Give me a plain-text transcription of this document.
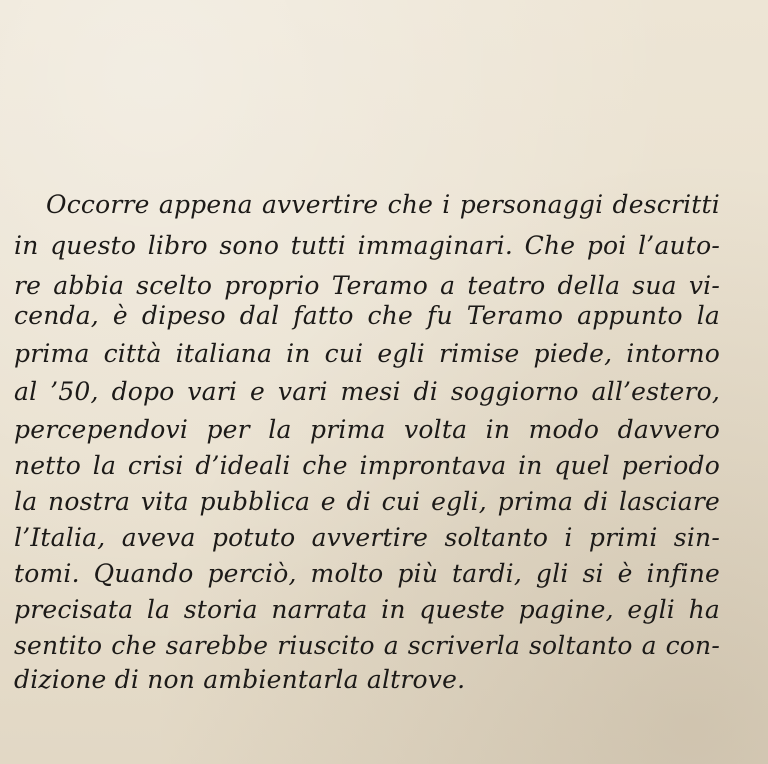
Occorre appena avvertire che i personaggi descritti
in questo libro sono tutti immaginari. Che poi l’auto-
re abbia scelto proprio Teramo a teatro della sua vi-
cenda, è dipeso dal fatto che fu Teramo appunto la
prima città italiana in cui egli rimise piede, intorno
al ’50, dopo vari e vari mesi di soggiorno all’estero,
percependovi per la prima volta in modo davvero
netto la crisi d’ideali che improntava in quel periodo
la nostra vita pubblica e di cui egli, prima di lasciare
l’Italia, aveva potuto avvertire soltanto i primi sin-
tomi. Quando perciò, molto più tardi, gli si è infine
precisata la storia narrata in queste pagine, egli ha
sentito che sarebbe riuscito a scriverla soltanto a con-
dizione di non ambientarla altrove.
